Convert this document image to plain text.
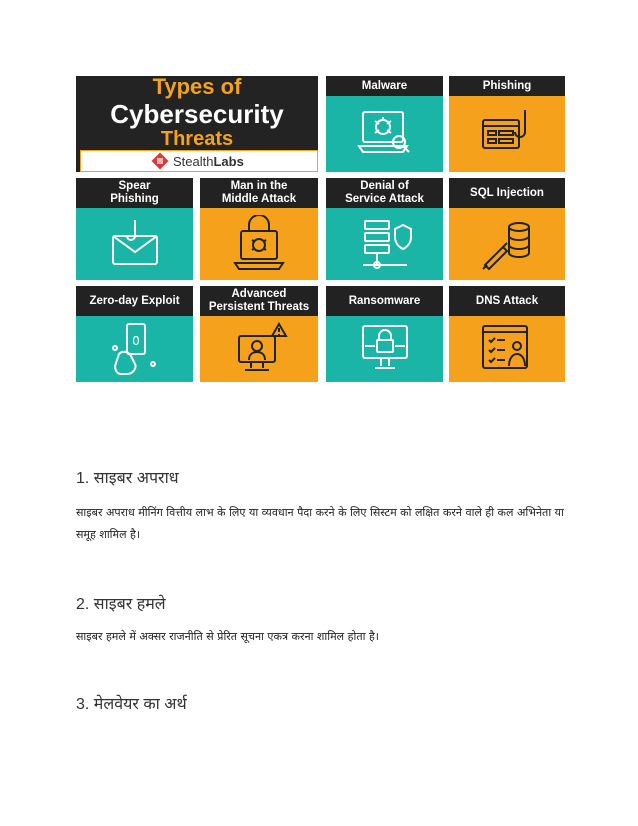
Types of
Cybersecurity
Threats
StealthLabs
Malware	Phishing
Spear
Phishing
Man in the
Middle Attack
Denial of
Service Attack
SQL Injection
Zero-day Exploit
0
Advanced
Persistent Threats
Ransomware	DNS Attack
1. साइबर अपराध
साइबर अपराध मीनिंग वित्तीय लाभ के लिए या व्यवधान पैदा करने के लिए सिस्टम को लक्षित करने वाले ही कल अभिनेता या समूह शामिल है।
2. साइबर हमले
साइबर हमले में अक्सर राजनीति से प्रेरित सूचना एकत्र करना शामिल होता है।
3. मेलवेयर का अर्थ
